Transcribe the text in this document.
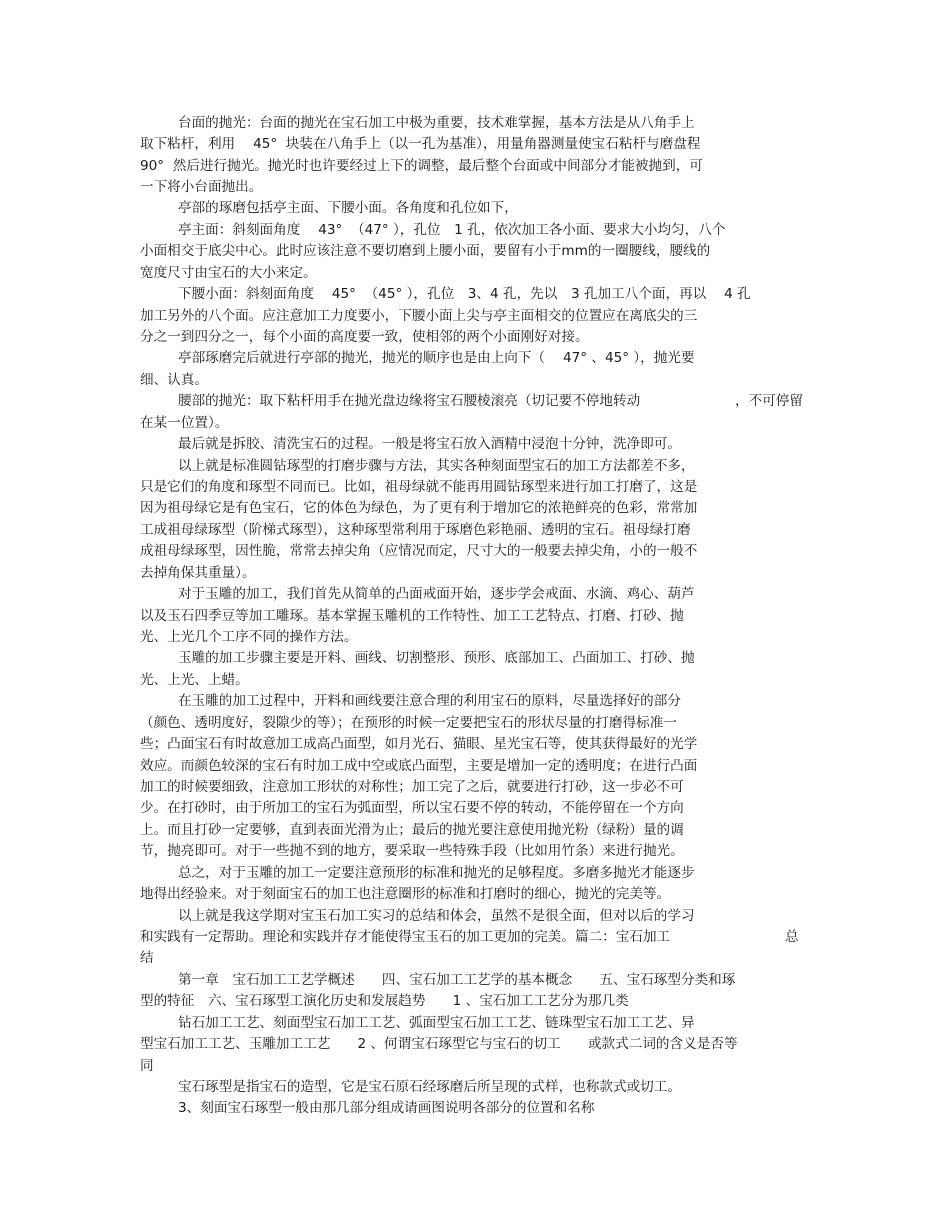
台面的抛光：台面的抛光在宝石加工中极为重要，技术难掌握，基本方法是从八角手上
取下粘杆，利用　 45°  块装在八角手上（以一孔为基准），用量角器测量使宝石粘杆与磨盘程
90°  然后进行抛光。抛光时也许要经过上下的调整，最后整个台面或中间部分才能被抛到，可
一下将小台面抛出。
亭部的琢磨包括亭主面、下腰小面。各角度和孔位如下，
亭主面：斜刻面角度　 43°  （47° ），孔位　1 孔，依次加工各小面、要求大小均匀，八个
小面相交于底尖中心。此时应该注意不要切磨到上腰小面，要留有小于mm的一圈腰线，腰线的
宽度尺寸由宝石的大小来定。
下腰小面：斜刻面角度　 45°  （45° ），孔位　3、4 孔，先以　3 孔加工八个面，再以　 4 孔
加工另外的八个面。应注意加工力度要小，下腰小面上尖与亭主面相交的位置应在离底尖的三
分之一到四分之一，每个小面的高度要一致，使相邻的两个小面刚好对接。
亭部琢磨完后就进行亭部的抛光，抛光的顺序也是由上向下（　 47° 、45° ），抛光要
细、认真。
腰部的抛光：取下粘杆用手在抛光盘边缘将宝石腰棱滚亮（切记要不停地转动	，不可停留
在某一位置）。
最后就是拆胶、清洗宝石的过程。一般是将宝石放入酒精中浸泡十分钟，洗净即可。
以上就是标准圆钻琢型的打磨步骤与方法，其实各种刻面型宝石的加工方法都差不多，
只是它们的角度和琢型不同而已。比如，祖母绿就不能再用圆钻琢型来进行加工打磨了，这是
因为祖母绿它是有色宝石，它的体色为绿色，为了更有利于增加它的浓艳鲜亮的色彩，常常加
工成祖母绿琢型（阶梯式琢型），这种琢型常利用于琢磨色彩艳丽、透明的宝石。祖母绿打磨
成祖母绿琢型，因性脆，常常去掉尖角（应情况而定，尺寸大的一般要去掉尖角，小的一般不
去掉角保其重量）。
对于玉雕的加工，我们首先从简单的凸面戒面开始，逐步学会戒面、水滴、鸡心、葫芦
以及玉石四季豆等加工雕琢。基本掌握玉雕机的工作特性、加工工艺特点、打磨、打砂、抛
光、上光几个工序不同的操作方法。
玉雕的加工步骤主要是开料、画线、切割整形、预形、底部加工、凸面加工、打砂、抛
光、上光、上蜡。
在玉雕的加工过程中，开料和画线要注意合理的利用宝石的原料，尽量选择好的部分
（颜色、透明度好，裂隙少的等）；在预形的时候一定要把宝石的形状尽量的打磨得标准一
些；凸面宝石有时故意加工成高凸面型，如月光石、猫眼、星光宝石等，使其获得最好的光学
效应。而颜色较深的宝石有时加工成中空或底凸面型，主要是增加一定的透明度；在进行凸面
加工的时候要细致，注意加工形状的对称性；加工完了之后，就要进行打砂，这一步必不可
少。在打砂时，由于所加工的宝石为弧面型，所以宝石要不停的转动，不能停留在一个方向
上。而且打砂一定要够，直到表面光滑为止；最后的抛光要注意使用抛光粉（绿粉）量的调
节，抛亮即可。对于一些抛不到的地方，要采取一些特殊手段（比如用竹条）来进行抛光。
总之，对于玉雕的加工一定要注意预形的标准和抛光的足够程度。多磨多抛光才能逐步
地得出经验来。对于刻面宝石的加工也注意圈形的标准和打磨时的细心，抛光的完美等。
以上就是我这学期对宝玉石加工实习的总结和体会，虽然不是很全面，但对以后的学习
和实践有一定帮助。理论和实践并存才能使得宝玉石的加工更加的完美。篇二：宝石加工	总
结
第一章　宝石加工工艺学概述　　四、宝石加工工艺学的基本概念　　五、宝石琢型分类和琢
型的特征　六、宝石琢型工演化历史和发展趋势　　1 、宝石加工工艺分为那几类
钻石加工工艺、刻面型宝石加工工艺、弧面型宝石加工工艺、链珠型宝石加工工艺、异
型宝石加工工艺、玉雕加工工艺　　2 、何谓宝石琢型它与宝石的切工　　或款式二词的含义是否等
同
宝石琢型是指宝石的造型，它是宝石原石经琢磨后所呈现的式样，也称款式或切工。
3、刻面宝石琢型一般由那几部分组成请画图说明各部分的位置和名称
